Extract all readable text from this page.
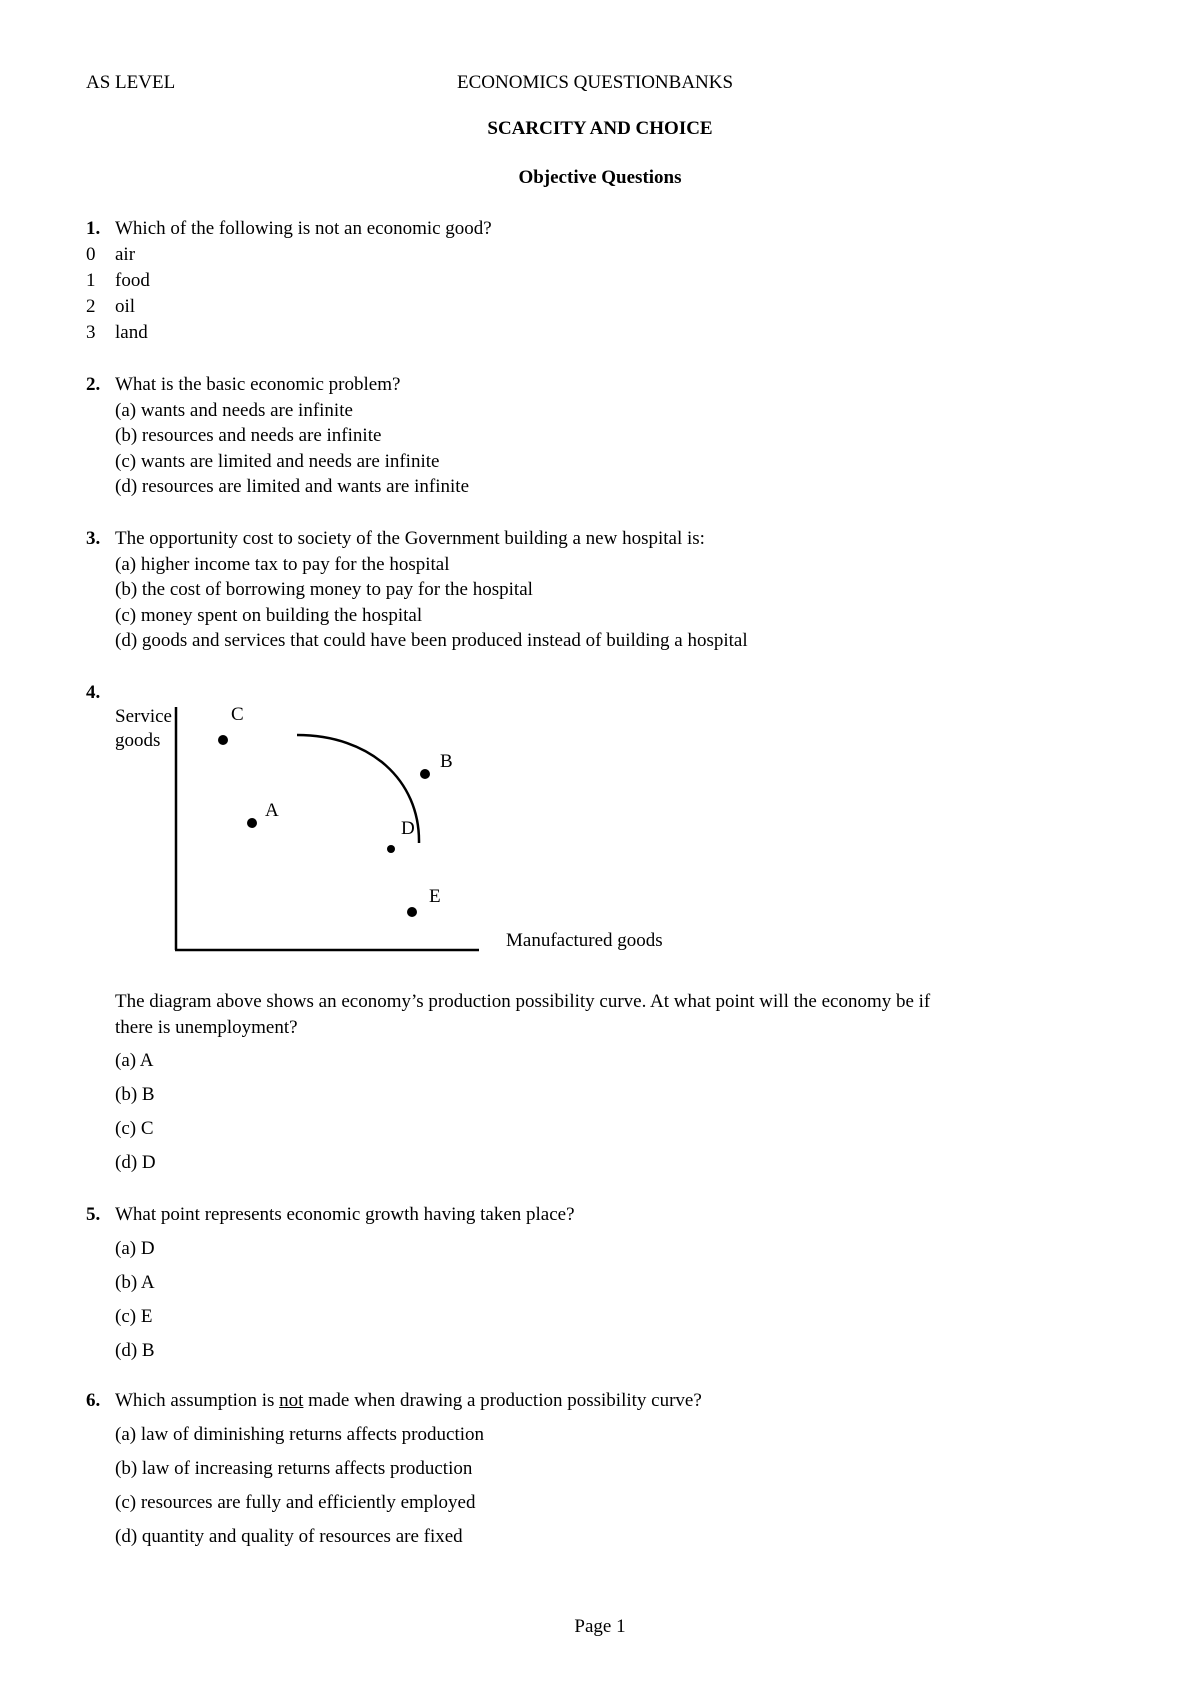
AS LEVEL	ECONOMICS QUESTIONBANKS
SCARCITY AND CHOICE
Objective Questions
1. Which of the following is not an economic good?
0 air
1 food
2 oil
3 land
2. What is the basic economic problem?
(a) wants and needs are infinite
(b) resources and needs are infinite
(c) wants are limited and needs are infinite
(d) resources are limited and wants are infinite
3. The opportunity cost to society of the Government building a new hospital is:
(a) higher income tax to pay for the hospital
(b) the cost of borrowing money to pay for the hospital
(c) money spent on building the hospital
(d) goods and services that could have been produced instead of building a hospital
4.
Service
goods
C
A
B
D
E
Manufactured goods
The diagram above shows an economy’s production possibility curve. At what point will the economy be if
there is unemployment?
(a) A
(b) B
(c) C
(d) D
5. What point represents economic growth having taken place?
(a) D
(b) A
(c) E
(d) B
6. Which assumption is not made when drawing a production possibility curve?
(a) law of diminishing returns affects production
(b) law of increasing returns affects production
(c) resources are fully and efficiently employed
(d) quantity and quality of resources are fixed
Page 1
